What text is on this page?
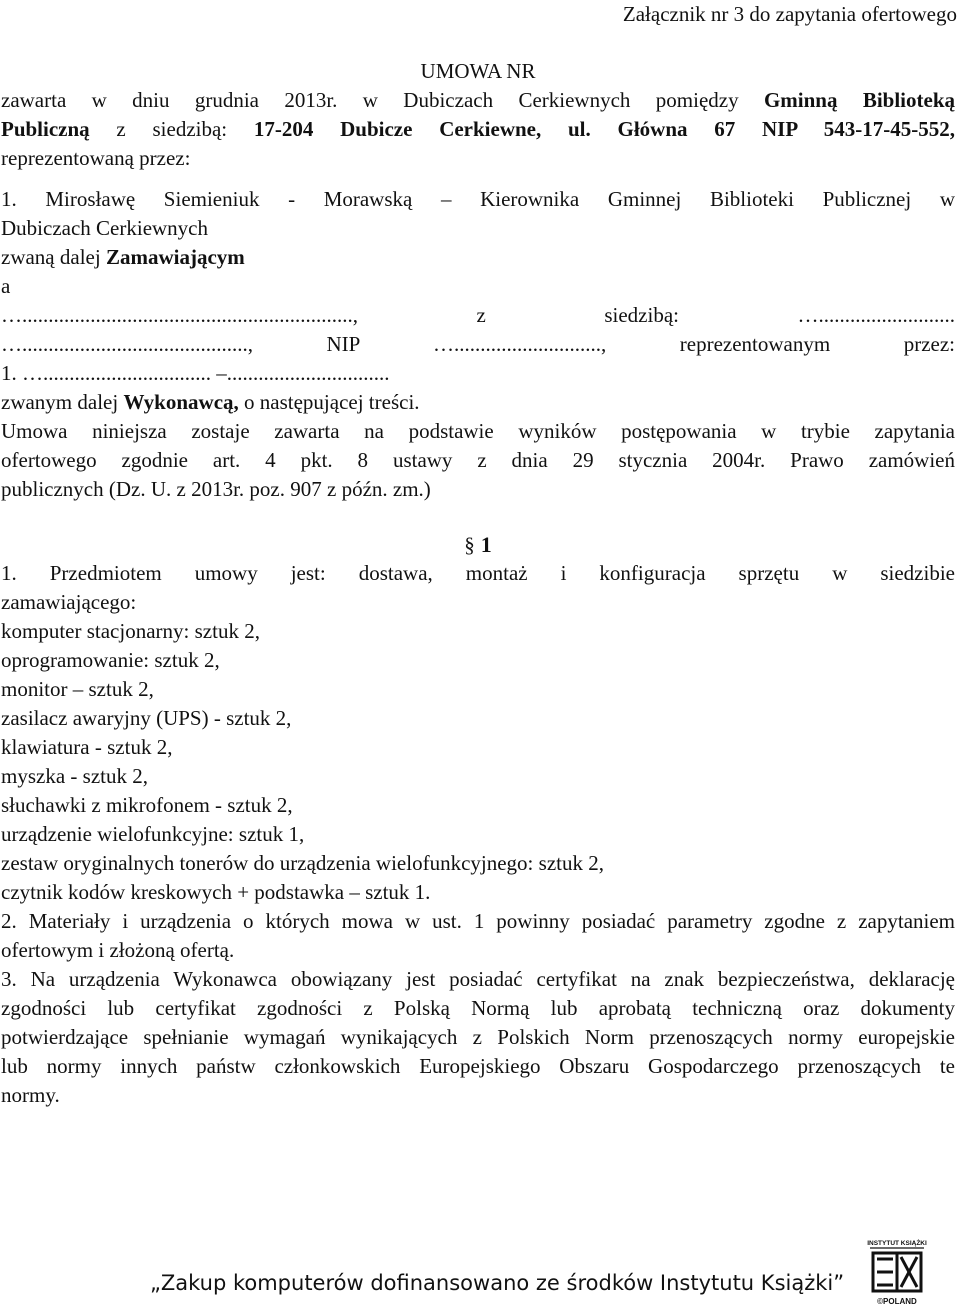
Załącznik nr 3 do zapytania ofertowego
UMOWA NR
zawarta w dniu grudnia 2013r. w Dubiczach Cerkiewnych pomiędzy Gminną Biblioteką
Publiczną z siedzibą: 17-204 Dubicze Cerkiewne, ul. Główna 67 NIP 543-17-45-552,
reprezentowaną przez:
1. Mirosławę Siemieniuk - Morawską – Kierownika Gminnej Biblioteki Publicznej w
Dubiczach Cerkiewnych
zwaną dalej Zamawiającym
a
…..............................................................., z siedzibą: …..........................
…..........................................., NIP …............................, reprezentowanym przez:
1. …................................ –...............................
zwanym dalej Wykonawcą, o następującej treści.
Umowa niniejsza zostaje zawarta na podstawie wyników postępowania w trybie zapytania
ofertowego zgodnie art. 4 pkt. 8 ustawy z dnia 29 stycznia 2004r. Prawo zamówień
publicznych (Dz. U. z 2013r. poz. 907 z późn. zm.)
§ 1
1. Przedmiotem umowy jest: dostawa, montaż i konfiguracja sprzętu w siedzibie
zamawiającego:
komputer stacjonarny: sztuk 2,
oprogramowanie: sztuk 2,
monitor – sztuk 2,
zasilacz awaryjny (UPS) - sztuk 2,
klawiatura - sztuk 2,
myszka - sztuk 2,
słuchawki z mikrofonem - sztuk 2,
urządzenie wielofunkcyjne: sztuk 1,
zestaw oryginalnych tonerów do urządzenia wielofunkcyjnego: sztuk 2,
czytnik kodów kreskowych + podstawka – sztuk 1.
2. Materiały i urządzenia o których mowa w ust. 1 powinny posiadać parametry zgodne z zapytaniem
ofertowym i złożoną ofertą.
3. Na urządzenia Wykonawca obowiązany jest posiadać certyfikat na znak bezpieczeństwa, deklarację
zgodności lub certyfikat zgodności z Polską Normą lub aprobatą techniczną oraz dokumenty
potwierdzające spełnianie wymagań wynikających z Polskich Norm przenoszących normy europejskie
lub normy innych państw członkowskich Europejskiego Obszaru Gospodarczego przenoszących te
normy.
„Zakup komputerów dofinansowano ze środków Instytutu Książki”
INSTYTUT KSIĄŻKI
©POLAND
